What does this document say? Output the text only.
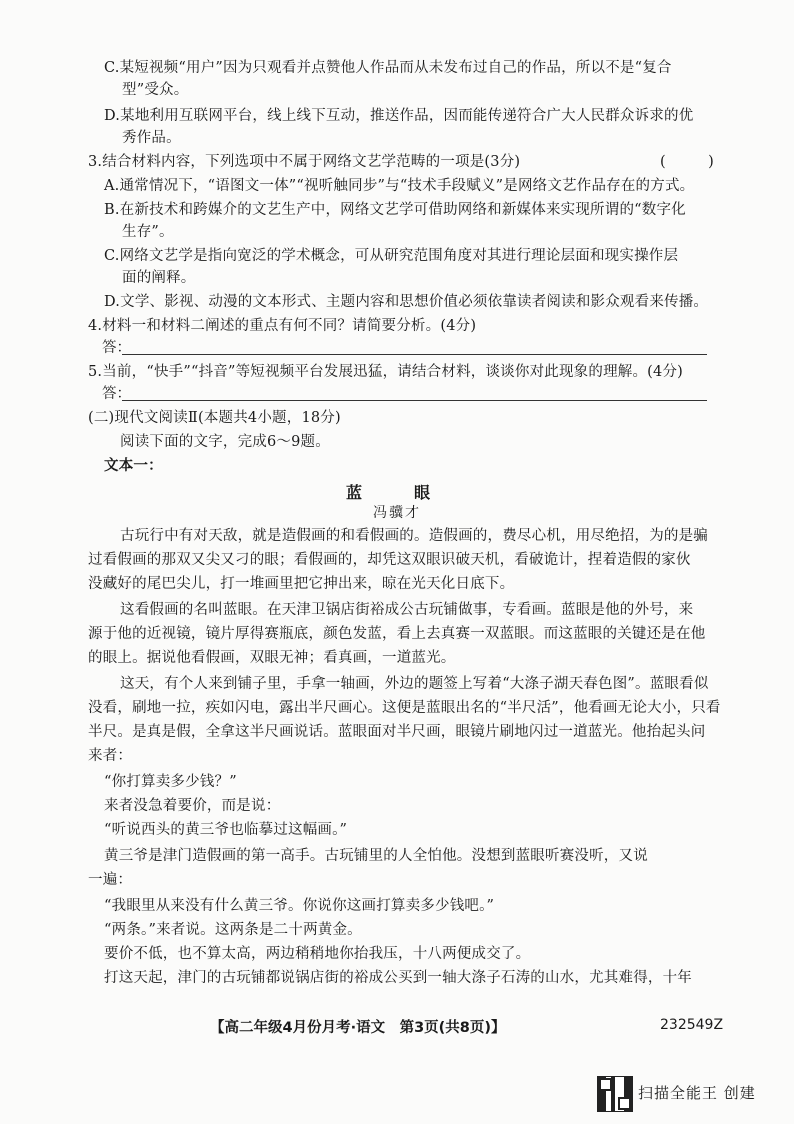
C.某短视频“用户”因为只观看并点赞他人作品而从未发布过自己的作品，所以不是“复合
型”受众。
D.某地利用互联网平台，线上线下互动，推送作品，因而能传递符合广大人民群众诉求的优
秀作品。
3.结合材料内容，下列选项中不属于网络文艺学范畴的一项是(3分)	(　)
A.通常情况下，“语图文一体”“视听触同步”与“技术手段赋义”是网络文艺作品存在的方式。
B.在新技术和跨媒介的文艺生产中，网络文艺学可借助网络和新媒体来实现所谓的“数字化
生存”。
C.网络文艺学是指向宽泛的学术概念，可从研究范围角度对其进行理论层面和现实操作层
面的阐释。
D.文学、影视、动漫的文本形式、主题内容和思想价值必须依靠读者阅读和影众观看来传播。
4.材料一和材料二阐述的重点有何不同？请简要分析。(4分)
答：
5.当前，“快手”“抖音”等短视频平台发展迅猛，请结合材料，谈谈你对此现象的理解。(4分)
答：
(二)现代文阅读Ⅱ(本题共4小题，18分)
阅读下面的文字，完成6～9题。
文本一：
蓝　眼
冯骥才
古玩行中有对天敌，就是造假画的和看假画的。造假画的，费尽心机，用尽绝招，为的是骗
过看假画的那双又尖又刁的眼；看假画的，却凭这双眼识破天机，看破诡计，捏着造假的家伙
没藏好的尾巴尖儿，打一堆画里把它抻出来，晾在光天化日底下。
这看假画的名叫蓝眼。在天津卫锅店街裕成公古玩铺做事，专看画。蓝眼是他的外号，来
源于他的近视镜，镜片厚得赛瓶底，颜色发蓝，看上去真赛一双蓝眼。而这蓝眼的关键还是在他
的眼上。据说他看假画，双眼无神；看真画，一道蓝光。
这天，有个人来到铺子里，手拿一轴画，外边的题签上写着“大涤子湖天春色图”。蓝眼看似
没看，刷地一拉，疾如闪电，露出半尺画心。这便是蓝眼出名的“半尺活”，他看画无论大小，只看
半尺。是真是假，全拿这半尺画说话。蓝眼面对半尺画，眼镜片刷地闪过一道蓝光。他抬起头问
来者：
“你打算卖多少钱？”
来者没急着要价，而是说：
“听说西头的黄三爷也临摹过这幅画。”
黄三爷是津门造假画的第一高手。古玩铺里的人全怕他。没想到蓝眼听赛没听，又说
一遍：
“我眼里从来没有什么黄三爷。你说你这画打算卖多少钱吧。”
“两条。”来者说。这两条是二十两黄金。
要价不低，也不算太高，两边稍稍地你抬我压，十八两便成交了。
打这天起，津门的古玩铺都说锅店街的裕成公买到一轴大涤子石涛的山水，尤其难得，十年
【高二年级4月份月考·语文　第3页(共8页)】	232549Z
扫描全能王 创建
